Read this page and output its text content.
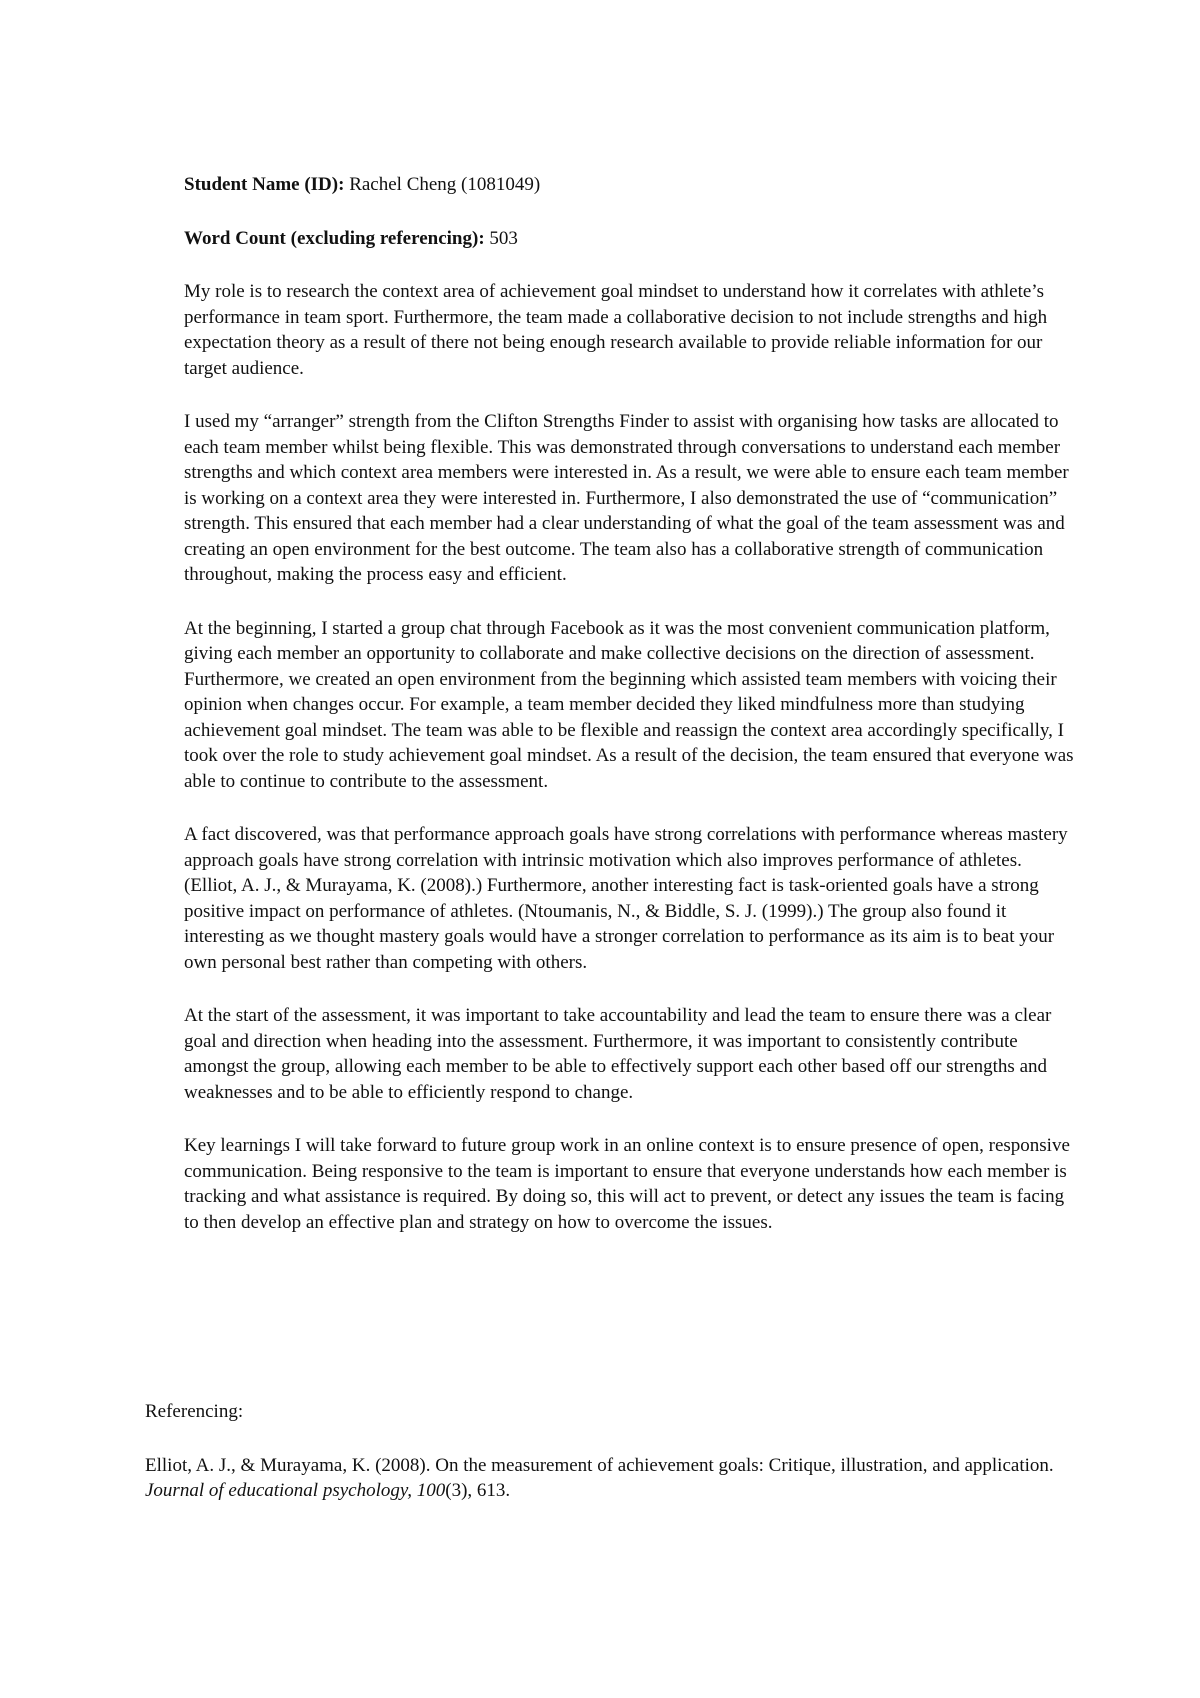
Student Name (ID): Rachel Cheng (1081049)

Word Count (excluding referencing): 503

My role is to research the context area of achievement goal mindset to understand how it correlates with athlete’s performance in team sport. Furthermore, the team made a collaborative decision to not include strengths and high expectation theory as a result of there not being enough research available to provide reliable information for our target audience.

I used my “arranger” strength from the Clifton Strengths Finder to assist with organising how tasks are allocated to each team member whilst being flexible. This was demonstrated through conversations to understand each member strengths and which context area members were interested in. As a result, we were able to ensure each team member is working on a context area they were interested in. Furthermore, I also demonstrated the use of “communication” strength. This ensured that each member had a clear understanding of what the goal of the team assessment was and creating an open environment for the best outcome. The team also has a collaborative strength of communication throughout, making the process easy and efficient.

At the beginning, I started a group chat through Facebook as it was the most convenient communication platform, giving each member an opportunity to collaborate and make collective decisions on the direction of assessment. Furthermore, we created an open environment from the beginning which assisted team members with voicing their opinion when changes occur. For example, a team member decided they liked mindfulness more than studying achievement goal mindset. The team was able to be flexible and reassign the context area accordingly specifically, I took over the role to study achievement goal mindset. As a result of the decision, the team ensured that everyone was able to continue to contribute to the assessment.

A fact discovered, was that performance approach goals have strong correlations with performance whereas mastery approach goals have strong correlation with intrinsic motivation which also improves performance of athletes. (Elliot, A. J., & Murayama, K. (2008).) Furthermore, another interesting fact is task-oriented goals have a strong positive impact on performance of athletes. (Ntoumanis, N., & Biddle, S. J. (1999).) The group also found it interesting as we thought mastery goals would have a stronger correlation to performance as its aim is to beat your own personal best rather than competing with others.

At the start of the assessment, it was important to take accountability and lead the team to ensure there was a clear goal and direction when heading into the assessment. Furthermore, it was important to consistently contribute amongst the group, allowing each member to be able to effectively support each other based off our strengths and weaknesses and to be able to efficiently respond to change.

Key learnings I will take forward to future group work in an online context is to ensure presence of open, responsive communication. Being responsive to the team is important to ensure that everyone understands how each member is tracking and what assistance is required. By doing so, this will act to prevent, or detect any issues the team is facing to then develop an effective plan and strategy on how to overcome the issues.

Referencing:

Elliot, A. J., & Murayama, K. (2008). On the measurement of achievement goals: Critique, illustration, and application. Journal of educational psychology, 100(3), 613.
